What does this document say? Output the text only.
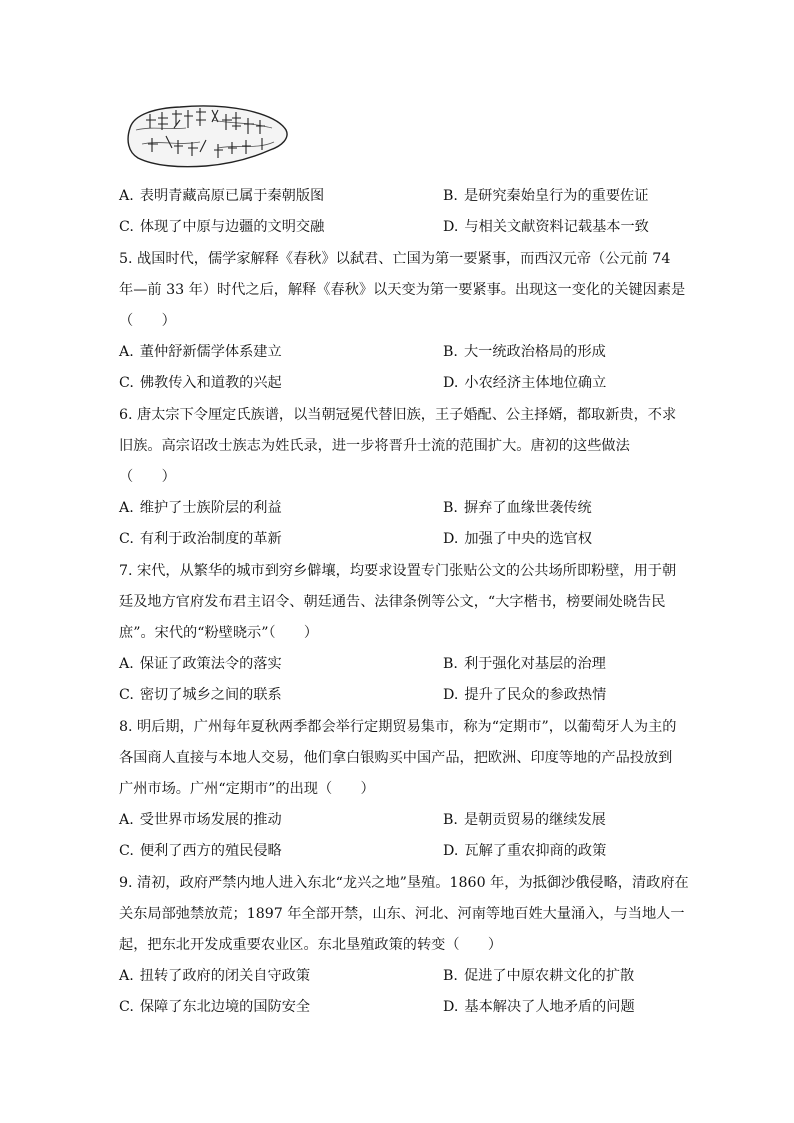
A. 表明青藏高原已属于秦朝版图	B. 是研究秦始皇行为的重要佐证
C. 体现了中原与边疆的文明交融	D. 与相关文献资料记载基本一致
5. 战国时代，儒学家解释《春秋》以弑君、亡国为第一要紧事，而西汉元帝（公元前 74
年—前 33 年）时代之后，解释《春秋》以天变为第一要紧事。出现这一变化的关键因素是
（　　）
A. 董仲舒新儒学体系建立	B. 大一统政治格局的形成
C. 佛教传入和道教的兴起	D. 小农经济主体地位确立
6. 唐太宗下令厘定氏族谱，以当朝冠冕代替旧族，王子婚配、公主择婿，都取新贵，不求
旧族。高宗诏改士族志为姓氏录，进一步将晋升士流的范围扩大。唐初的这些做法
（　　）
A. 维护了士族阶层的利益	B. 摒弃了血缘世袭传统
C. 有利于政治制度的革新	D. 加强了中央的选官权
7. 宋代，从繁华的城市到穷乡僻壤，均要求设置专门张贴公文的公共场所即粉壁，用于朝
廷及地方官府发布君主诏令、朝廷通告、法律条例等公文，“大字楷书，榜要闹处晓告民
庶”。宋代的“粉壁晓示”（　　）
A. 保证了政策法令的落实	B. 利于强化对基层的治理
C. 密切了城乡之间的联系	D. 提升了民众的参政热情
8. 明后期，广州每年夏秋两季都会举行定期贸易集市，称为“定期市”，以葡萄牙人为主的
各国商人直接与本地人交易，他们拿白银购买中国产品，把欧洲、印度等地的产品投放到
广州市场。广州“定期市”的出现（　　）
A. 受世界市场发展的推动	B. 是朝贡贸易的继续发展
C. 便利了西方的殖民侵略	D. 瓦解了重农抑商的政策
9. 清初，政府严禁内地人进入东北“龙兴之地”垦殖。1860 年，为抵御沙俄侵略，清政府在
关东局部弛禁放荒；1897 年全部开禁，山东、河北、河南等地百姓大量涌入，与当地人一
起，把东北开发成重要农业区。东北垦殖政策的转变（　　）
A. 扭转了政府的闭关自守政策	B. 促进了中原农耕文化的扩散
C. 保障了东北边境的国防安全	D. 基本解决了人地矛盾的问题
